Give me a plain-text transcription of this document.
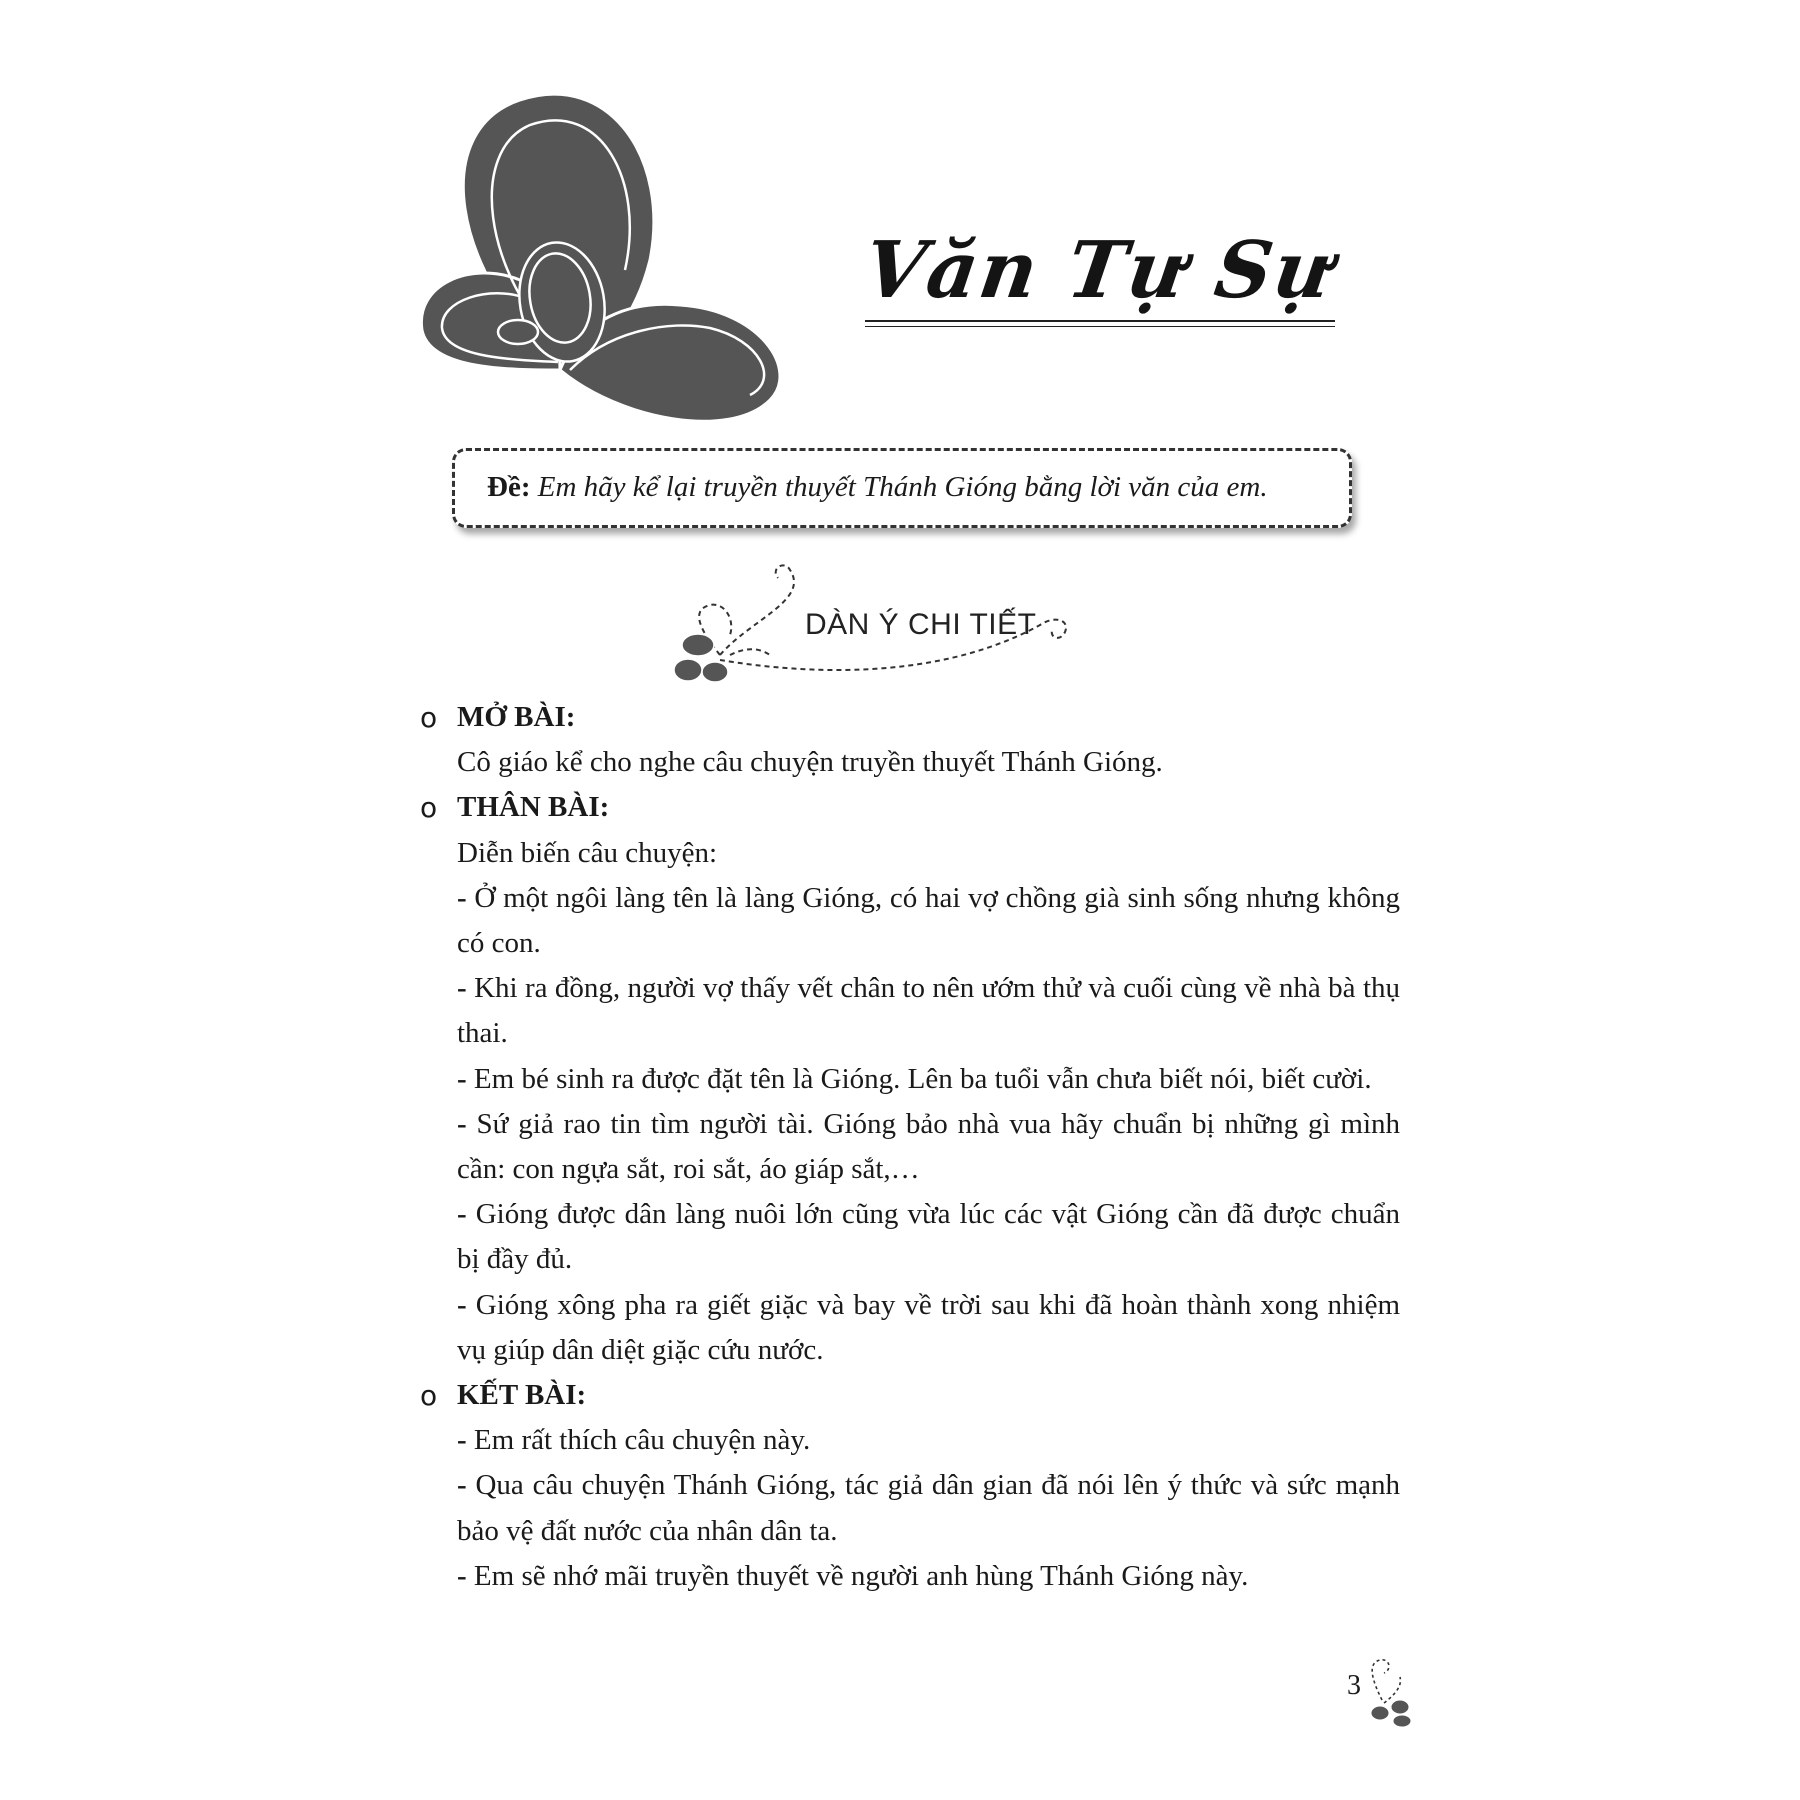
Văn Tự Sự
Đề: Em hãy kể lại truyền thuyết Thánh Gióng bằng lời văn của em.
DÀN Ý CHI TIẾT
o MỞ BÀI:
Cô giáo kể cho nghe câu chuyện truyền thuyết Thánh Gióng.
o THÂN BÀI:
Diễn biến câu chuyện:
- Ở một ngôi làng tên là làng Gióng, có hai vợ chồng già sinh sống nhưng không có con.
- Khi ra đồng, người vợ thấy vết chân to nên ướm thử và cuối cùng về nhà bà thụ thai.
- Em bé sinh ra được đặt tên là Gióng. Lên ba tuổi vẫn chưa biết nói, biết cười.
- Sứ giả rao tin tìm người tài. Gióng bảo nhà vua hãy chuẩn bị những gì mình cần: con ngựa sắt, roi sắt, áo giáp sắt,…
- Gióng được dân làng nuôi lớn cũng vừa lúc các vật Gióng cần đã được chuẩn bị đầy đủ.
- Gióng xông pha ra giết giặc và bay về trời sau khi đã hoàn thành xong nhiệm vụ giúp dân diệt giặc cứu nước.
o KẾT BÀI:
- Em rất thích câu chuyện này.
- Qua câu chuyện Thánh Gióng, tác giả dân gian đã nói lên ý thức và sức mạnh bảo vệ đất nước của nhân dân ta.
- Em sẽ nhớ mãi truyền thuyết về người anh hùng Thánh Gióng này.
3
